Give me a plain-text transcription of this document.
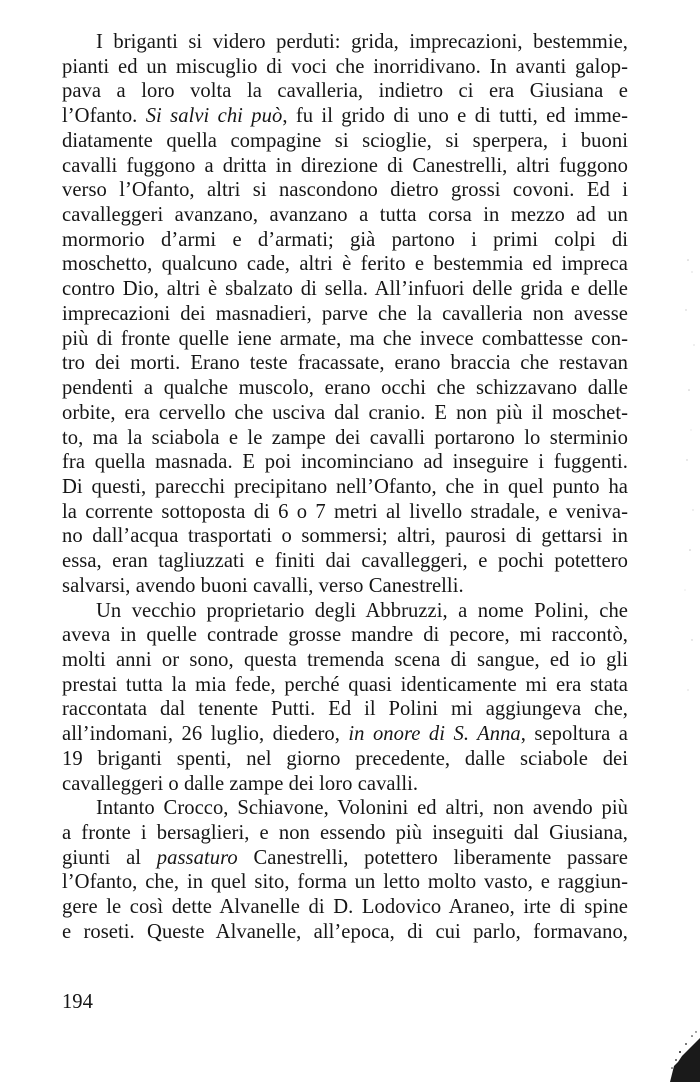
I briganti si videro perduti: grida, imprecazioni, bestemmie,
pianti ed un miscuglio di voci che inorridivano. In avanti galop-
pava a loro volta la cavalleria, indietro ci era Giusiana e
l’Ofanto. Si salvi chi può, fu il grido di uno e di tutti, ed imme-
diatamente quella compagine si scioglie, si sperpera, i buoni
cavalli fuggono a dritta in direzione di Canestrelli, altri fuggono
verso l’Ofanto, altri si nascondono dietro grossi covoni. Ed i
cavalleggeri avanzano, avanzano a tutta corsa in mezzo ad un
mormorio d’armi e d’armati; già partono i primi colpi di
moschetto, qualcuno cade, altri è ferito e bestemmia ed impreca
contro Dio, altri è sbalzato di sella. All’infuori delle grida e delle
imprecazioni dei masnadieri, parve che la cavalleria non avesse
più di fronte quelle iene armate, ma che invece combattesse con-
tro dei morti. Erano teste fracassate, erano braccia che restavan
pendenti a qualche muscolo, erano occhi che schizzavano dalle
orbite, era cervello che usciva dal cranio. E non più il moschet-
to, ma la sciabola e le zampe dei cavalli portarono lo sterminio
fra quella masnada. E poi incominciano ad inseguire i fuggenti.
Di questi, parecchi precipitano nell’Ofanto, che in quel punto ha
la corrente sottoposta di 6 o 7 metri al livello stradale, e veniva-
no dall’acqua trasportati o sommersi; altri, paurosi di gettarsi in
essa, eran tagliuzzati e finiti dai cavalleggeri, e pochi potettero
salvarsi, avendo buoni cavalli, verso Canestrelli.
Un vecchio proprietario degli Abbruzzi, a nome Polini, che
aveva in quelle contrade grosse mandre di pecore, mi raccontò,
molti anni or sono, questa tremenda scena di sangue, ed io gli
prestai tutta la mia fede, perché quasi identicamente mi era stata
raccontata dal tenente Putti. Ed il Polini mi aggiungeva che,
all’indomani, 26 luglio, diedero, in onore di S. Anna, sepoltura a
19 briganti spenti, nel giorno precedente, dalle sciabole dei
cavalleggeri o dalle zampe dei loro cavalli.
Intanto Crocco, Schiavone, Volonini ed altri, non avendo più
a fronte i bersaglieri, e non essendo più inseguiti dal Giusiana,
giunti al passaturo Canestrelli, potettero liberamente passare
l’Ofanto, che, in quel sito, forma un letto molto vasto, e raggiun-
gere le così dette Alvanelle di D. Lodovico Araneo, irte di spine
e roseti. Queste Alvanelle, all’epoca, di cui parlo, formavano,
194
